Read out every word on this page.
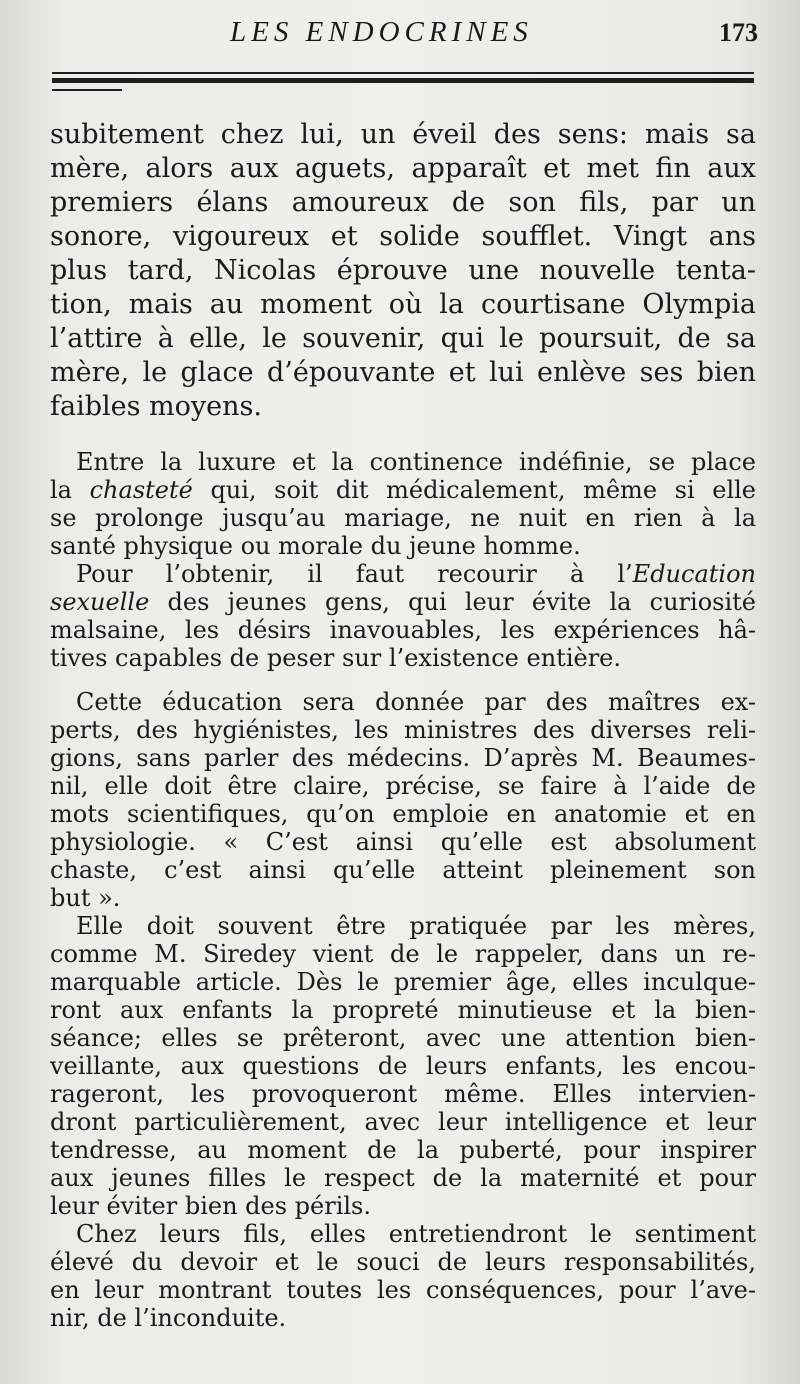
LES ENDOCRINES	173
subitement chez lui, un éveil des sens: mais sa
mère, alors aux aguets, apparaît et met fin aux
premiers élans amoureux de son fils, par un
sonore, vigoureux et solide soufflet. Vingt ans
plus tard, Nicolas éprouve une nouvelle tenta-
tion, mais au moment où la courtisane Olympia
l’attire à elle, le souvenir, qui le poursuit, de sa
mère, le glace d’épouvante et lui enlève ses bien
faibles moyens.
Entre la luxure et la continence indéfinie, se place
la chasteté qui, soit dit médicalement, même si elle
se prolonge jusqu’au mariage, ne nuit en rien à la
santé physique ou morale du jeune homme.
Pour l’obtenir, il faut recourir à l’Education
sexuelle des jeunes gens, qui leur évite la curiosité
malsaine, les désirs inavouables, les expériences hâ-
tives capables de peser sur l’existence entière.
Cette éducation sera donnée par des maîtres ex-
perts, des hygiénistes, les ministres des diverses reli-
gions, sans parler des médecins. D’après M. Beaumes-
nil, elle doit être claire, précise, se faire à l’aide de
mots scientifiques, qu’on emploie en anatomie et en
physiologie. « C’est ainsi qu’elle est absolument
chaste, c’est ainsi qu’elle atteint pleinement son
but ».
Elle doit souvent être pratiquée par les mères,
comme M. Siredey vient de le rappeler, dans un re-
marquable article. Dès le premier âge, elles inculque-
ront aux enfants la propreté minutieuse et la bien-
séance; elles se prêteront, avec une attention bien-
veillante, aux questions de leurs enfants, les encou-
rageront, les provoqueront même. Elles intervien-
dront particulièrement, avec leur intelligence et leur
tendresse, au moment de la puberté, pour inspirer
aux jeunes filles le respect de la maternité et pour
leur éviter bien des périls.
Chez leurs fils, elles entretiendront le sentiment
élevé du devoir et le souci de leurs responsabilités,
en leur montrant toutes les conséquences, pour l’ave-
nir, de l’inconduite.
